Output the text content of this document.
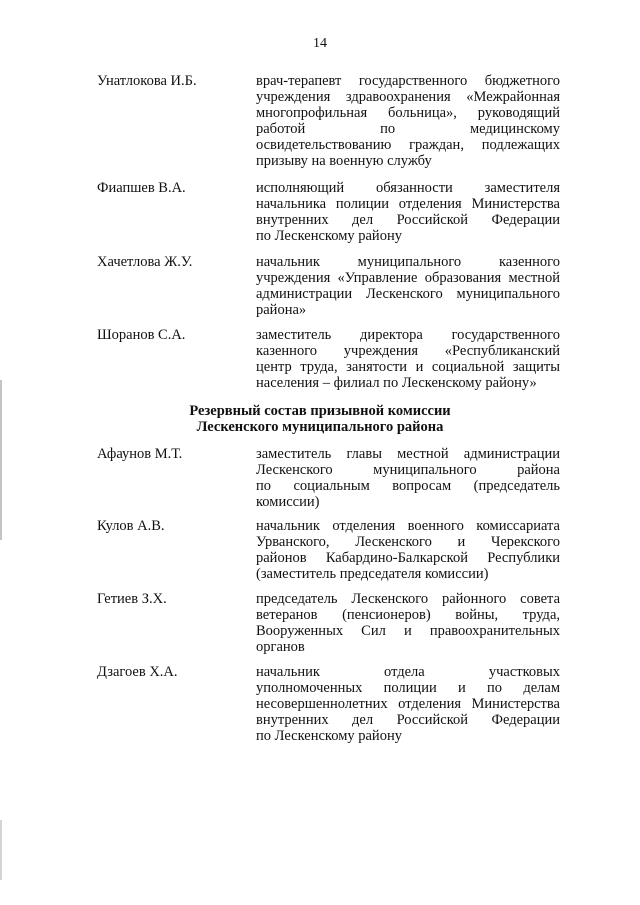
14
Унатлокова И.Б.	врач-терапевт государственного бюджетного
учреждения здравоохранения «Межрайонная
многопрофильная больница», руководящий
работой по медицинскому
освидетельствованию граждан, подлежащих
призыву на военную службу
Фиапшев В.А.	исполняющий обязанности заместителя
начальника полиции отделения Министерства
внутренних дел Российской Федерации
по Лескенскому району
Хачетлова Ж.У.	начальник муниципального казенного
учреждения «Управление образования местной
администрации Лескенского муниципального
района»
Шоранов С.А.	заместитель директора государственного
казенного учреждения «Республиканский
центр труда, занятости и социальной защиты
населения – филиал по Лескенскому району»
Резервный состав призывной комиссии
Лескенского муниципального района
Афаунов М.Т.	заместитель главы местной администрации
Лескенского муниципального района
по социальным вопросам (председатель
комиссии)
Кулов А.В.	начальник отделения военного комиссариата
Урванского, Лескенского и Черекского
районов Кабардино-Балкарской Республики
(заместитель председателя комиссии)
Гетиев З.Х.	председатель Лескенского районного совета
ветеранов (пенсионеров) войны, труда,
Вооруженных Сил и правоохранительных
органов
Дзагоев Х.А.	начальник отдела участковых
уполномоченных полиции и по делам
несовершеннолетних отделения Министерства
внутренних дел Российской Федерации
по Лескенскому району
